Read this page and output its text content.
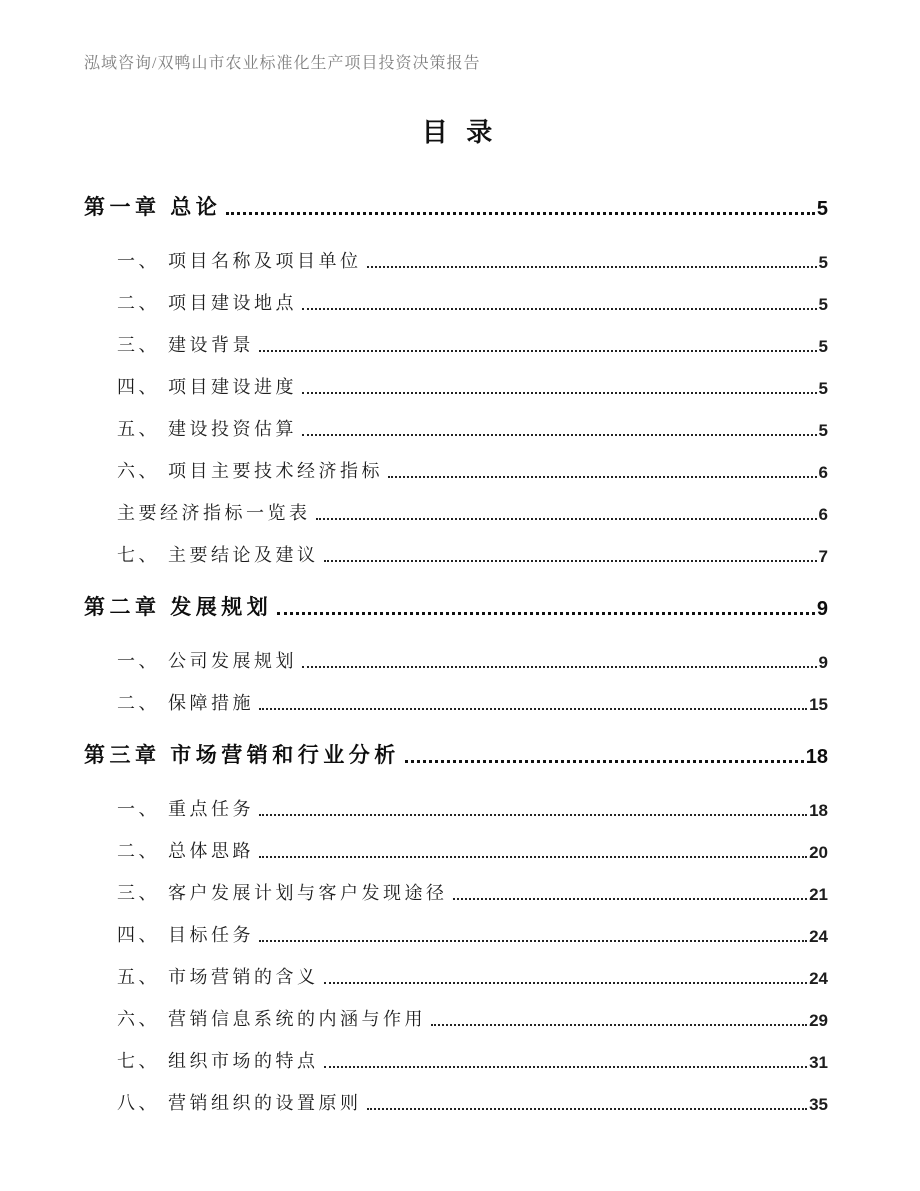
泓域咨询/双鸭山市农业标准化生产项目投资决策报告
目 录
第一章 总论	5
一、 项目名称及项目单位	5
二、 项目建设地点	5
三、 建设背景	5
四、 项目建设进度	5
五、 建设投资估算	5
六、 项目主要技术经济指标	6
主要经济指标一览表	6
七、 主要结论及建议	7
第二章 发展规划	9
一、 公司发展规划	9
二、 保障措施	15
第三章 市场营销和行业分析	18
一、 重点任务	18
二、 总体思路	20
三、 客户发展计划与客户发现途径	21
四、 目标任务	24
五、 市场营销的含义	24
六、 营销信息系统的内涵与作用	29
七、 组织市场的特点	31
八、 营销组织的设置原则	35
